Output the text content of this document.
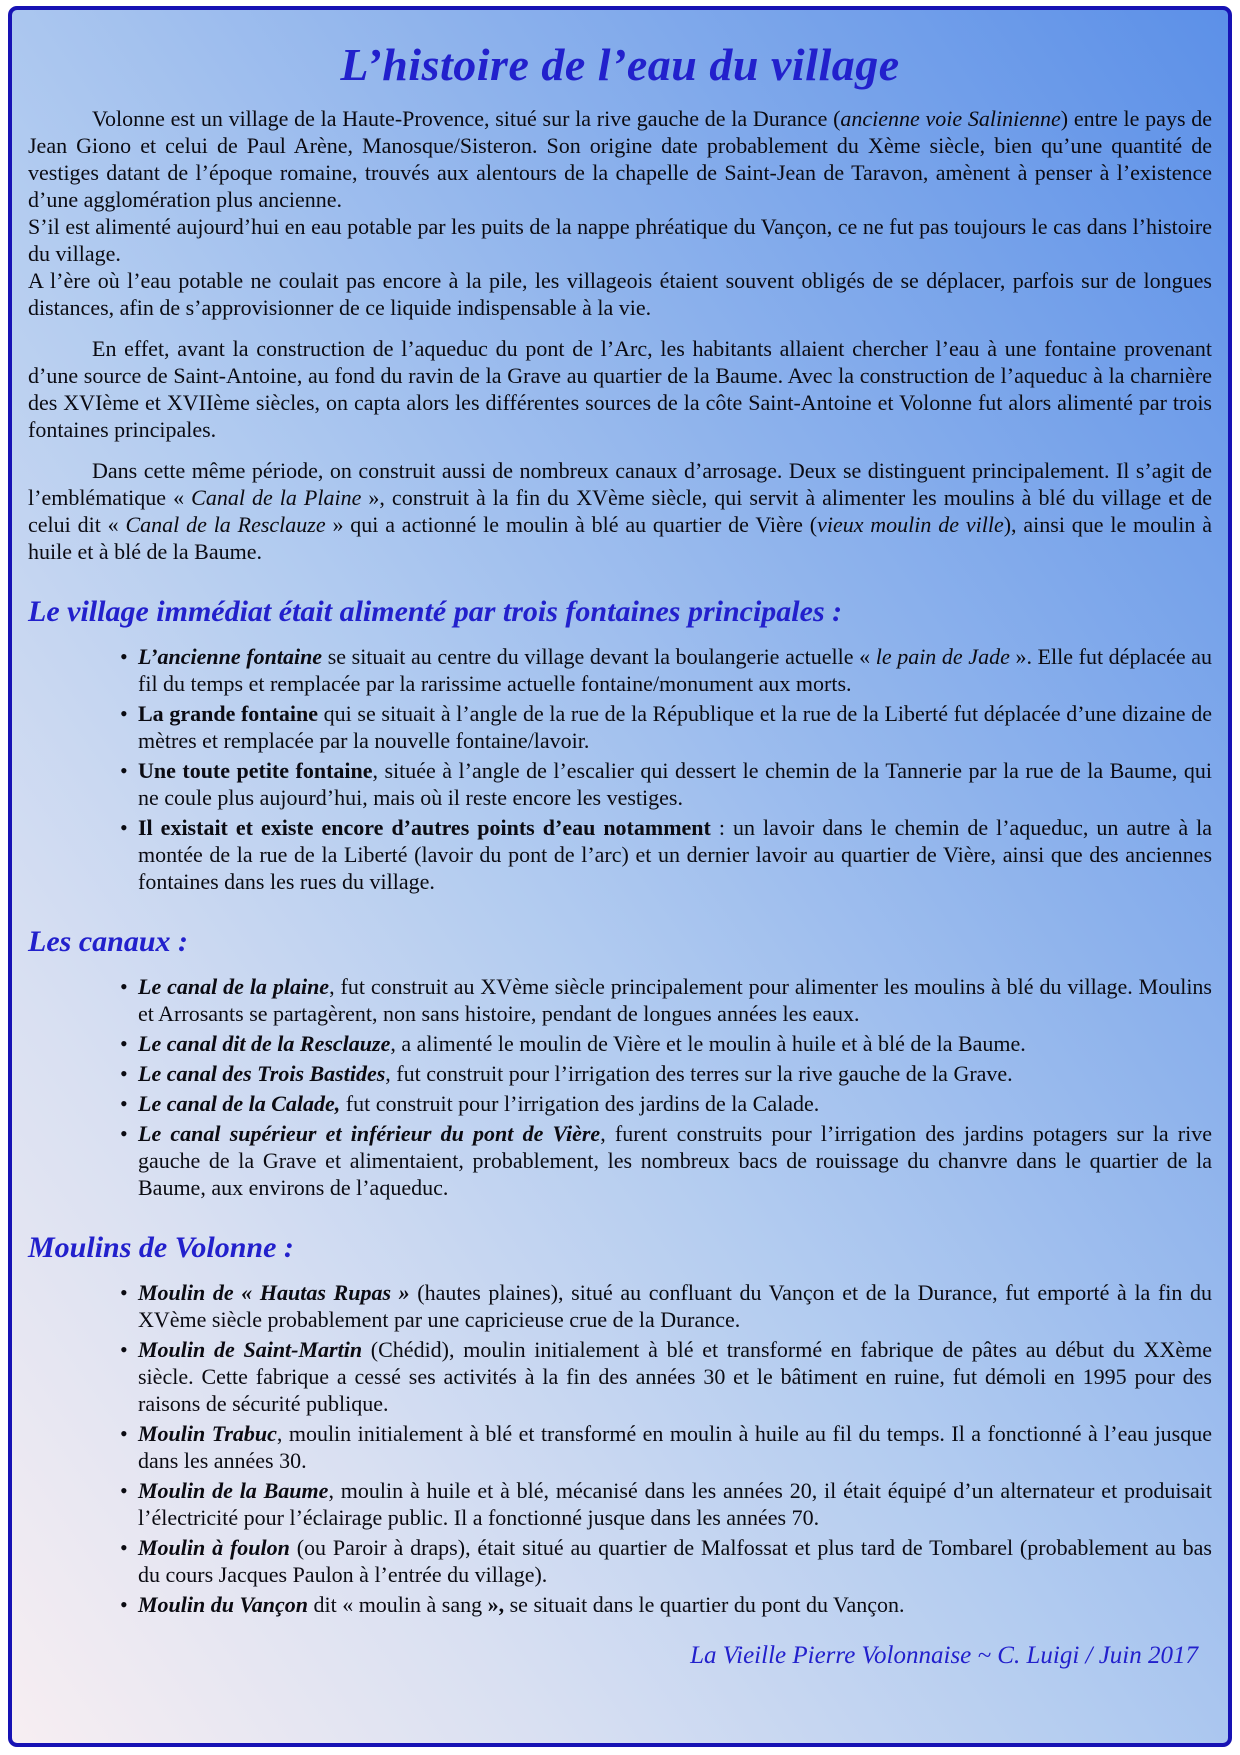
L’histoire de l’eau du village

Volonne est un village de la Haute-Provence, situé sur la rive gauche de la Durance (ancienne voie Salinienne) entre le pays de Jean Giono et celui de Paul Arène, Manosque/Sisteron. Son origine date probablement du Xème siècle, bien qu’une quantité de vestiges datant de l’époque romaine, trouvés aux alentours de la chapelle de Saint-Jean de Taravon, amènent à penser à l’existence d’une agglomération plus ancienne.

S’il est alimenté aujourd’hui en eau potable par les puits de la nappe phréatique du Vançon, ce ne fut pas toujours le cas dans l’histoire du village.

A l’ère où l’eau potable ne coulait pas encore à la pile, les villageois étaient souvent obligés de se déplacer, parfois sur de longues distances, afin de s’approvisionner de ce liquide indispensable à la vie.

En effet, avant la construction de l’aqueduc du pont de l’Arc, les habitants allaient chercher l’eau à une fontaine provenant d’une source de Saint-Antoine, au fond du ravin de la Grave au quartier de la Baume. Avec la construction de l’aqueduc à la charnière des XVIème et XVIIème siècles, on capta alors les différentes sources de la côte Saint-Antoine et Volonne fut alors alimenté par trois fontaines principales.

Dans cette même période, on construit aussi de nombreux canaux d’arrosage. Deux se distinguent principalement. Il s’agit de l’emblématique « Canal de la Plaine », construit à la fin du XVème siècle, qui servit à alimenter les moulins à blé du village et de celui dit « Canal de la Resclauze » qui a actionné le moulin à blé au quartier de Vière (vieux moulin de ville), ainsi que le moulin à huile et à blé de la Baume.

Le village immédiat était alimenté par trois fontaines principales :
• L’ancienne fontaine se situait au centre du village devant la boulangerie actuelle « le pain de Jade ». Elle fut déplacée au fil du temps et remplacée par la rarissime actuelle fontaine/monument aux morts.
• La grande fontaine qui se situait à l’angle de la rue de la République et la rue de la Liberté fut déplacée d’une dizaine de mètres et remplacée par la nouvelle fontaine/lavoir.
• Une toute petite fontaine, située à l’angle de l’escalier qui dessert le chemin de la Tannerie par la rue de la Baume, qui ne coule plus aujourd’hui, mais où il reste encore les vestiges.
• Il existait et existe encore d’autres points d’eau notamment : un lavoir dans le chemin de l’aqueduc, un autre à la montée de la rue de la Liberté (lavoir du pont de l’arc) et un dernier lavoir au quartier de Vière, ainsi que des anciennes fontaines dans les rues du village.
Les canaux :
• Le canal de la plaine, fut construit au XVème siècle principalement pour alimenter les moulins à blé du village. Moulins et Arrosants se partagèrent, non sans histoire, pendant de longues années les eaux.
• Le canal dit de la Resclauze, a alimenté le moulin de Vière et le moulin à huile et à blé de la Baume.
• Le canal des Trois Bastides, fut construit pour l’irrigation des terres sur la rive gauche de la Grave.
• Le canal de la Calade, fut construit pour l’irrigation des jardins de la Calade.
• Le canal supérieur et inférieur du pont de Vière, furent construits pour l’irrigation des jardins potagers sur la rive gauche de la Grave et alimentaient, probablement, les nombreux bacs de rouissage du chanvre dans le quartier de la Baume, aux environs de l’aqueduc.
Moulins de Volonne :
• Moulin de « Hautas Rupas » (hautes plaines), situé au confluant du Vançon et de la Durance, fut emporté à la fin du XVème siècle probablement par une capricieuse crue de la Durance.
• Moulin de Saint-Martin (Chédid), moulin initialement à blé et transformé en fabrique de pâtes au début du XXème siècle. Cette fabrique a cessé ses activités à la fin des années 30 et le bâtiment en ruine, fut démoli en 1995 pour des raisons de sécurité publique.
• Moulin Trabuc, moulin initialement à blé et transformé en moulin à huile au fil du temps. Il a fonctionné à l’eau jusque dans les années 30.
• Moulin de la Baume, moulin à huile et à blé, mécanisé dans les années 20, il était équipé d’un alternateur et produisait l’électricité pour l’éclairage public. Il a fonctionné jusque dans les années 70.
• Moulin à foulon (ou Paroir à draps), était situé au quartier de Malfossat et plus tard de Tombarel (probablement au bas du cours Jacques Paulon à l’entrée du village).
• Moulin du Vançon dit « moulin à sang », se situait dans le quartier du pont du Vançon.
La Vieille Pierre Volonnaise ~ C. Luigi / Juin 2017
